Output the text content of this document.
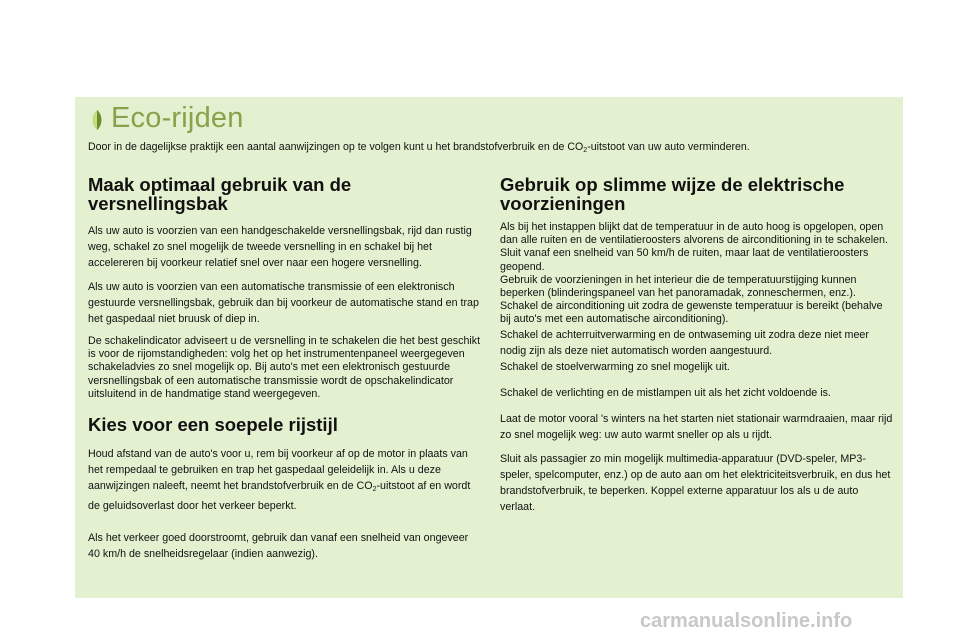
Eco-rijden
Door in de dagelijkse praktijk een aantal aanwijzingen op te volgen kunt u het brandstofverbruik en de $CO_2$-uitstoot van uw auto verminderen.
Maak optimaal gebruik van de versnellingsbak

Als uw auto is voorzien van een handgeschakelde versnellingsbak, rijd dan rustig weg, schakel zo snel mogelijk de tweede versnelling in en schakel bij het accelereren bij voorkeur relatief snel over naar een hogere versnelling.

Als uw auto is voorzien van een automatische transmissie of een elektronisch gestuurde versnellingsbak, gebruik dan bij voorkeur de automatische stand en trap het gaspedaal niet bruusk of diep in.

De schakelindicator adviseert u de versnelling in te schakelen die het best geschikt is voor de rijomstandigheden: volg het op het instrumentenpaneel weergegeven schakeladvies zo snel mogelijk op. Bij auto's met een elektronisch gestuurde versnellingsbak of een automatische transmissie wordt de opschakelindicator uitsluitend in de handmatige stand weergegeven.

Kies voor een soepele rijstijl

Houd afstand van de auto's voor u, rem bij voorkeur af op de motor in plaats van het rempedaal te gebruiken en trap het gaspedaal geleidelijk in. Als u deze aanwijzingen naleeft, neemt het brandstofverbruik en de $CO_2$-uitstoot af en wordt de geluidsoverlast door het verkeer beperkt.

Als het verkeer goed doorstroomt, gebruik dan vanaf een snelheid van ongeveer 40 km/h de snelheidsregelaar (indien aanwezig).

Gebruik op slimme wijze de elektrische voorzieningen

Als bij het instappen blijkt dat de temperatuur in de auto hoog is opgelopen, open dan alle ruiten en de ventilatieroosters alvorens de airconditioning in te schakelen.
Sluit vanaf een snelheid van 50 km/h de ruiten, maar laat de ventilatieroosters geopend.
Gebruik de voorzieningen in het interieur die de temperatuurstijging kunnen beperken (blinderingspaneel van het panoramadak, zonneschermen, enz.).
Schakel de airconditioning uit zodra de gewenste temperatuur is bereikt (behalve bij auto's met een automatische airconditioning).

Schakel de achterruitverwarming en de ontwaseming uit zodra deze niet meer nodig zijn als deze niet automatisch worden aangestuurd.

Schakel de stoelverwarming zo snel mogelijk uit.

Schakel de verlichting en de mistlampen uit als het zicht voldoende is.

Laat de motor vooral 's winters na het starten niet stationair warmdraaien, maar rijd zo snel mogelijk weg: uw auto warmt sneller op als u rijdt.

Sluit als passagier zo min mogelijk multimedia-apparatuur (DVD-speler, MP3-speler, spelcomputer, enz.) op de auto aan om het elektriciteitsverbruik, en dus het brandstofverbruik, te beperken. Koppel externe apparatuur los als u de auto verlaat.

carmanualsonline.info
